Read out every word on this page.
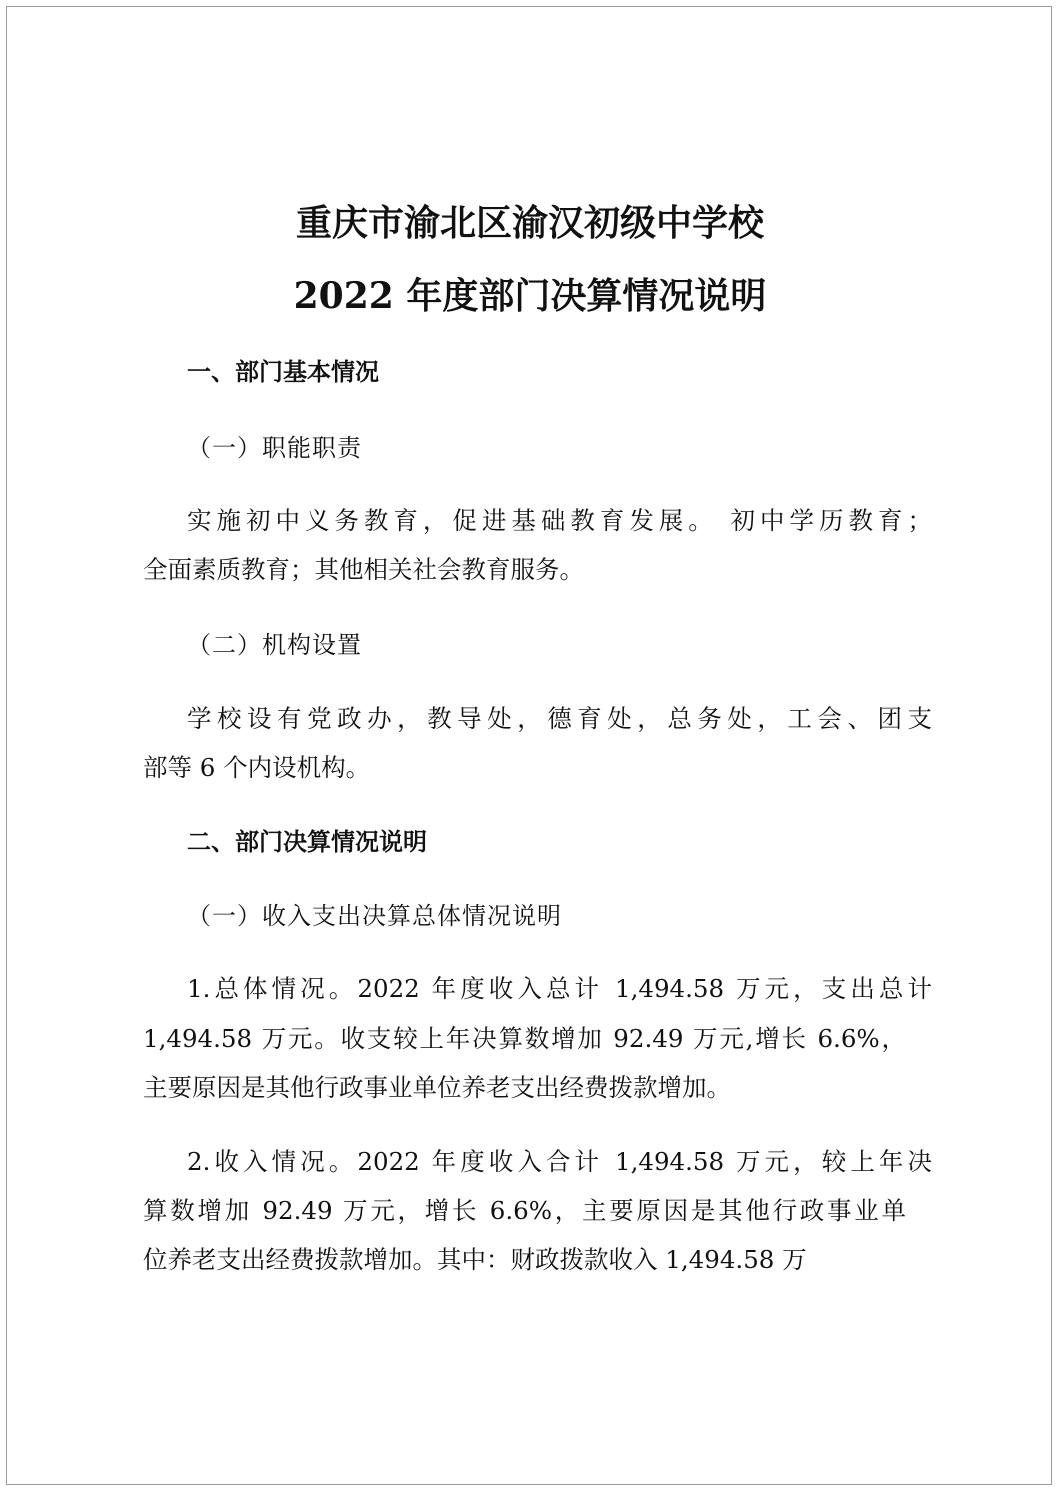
重庆市渝北区渝汉初级中学校
2022 年度部门决算情况说明
一、部门基本情况
（一）职能职责
实施初中义务教育，促进基础教育发展。 初中学历教育；
全面素质教育；其他相关社会教育服务。
（二）机构设置
学校设有党政办，教导处，德育处，总务处，工会、团支
部等 6 个内设机构。
二、部门决算情况说明
（一）收入支出决算总体情况说明
1.总体情况。2022 年度收入总计 1,494.58 万元，支出总计
1,494.58 万元。收支较上年决算数增加 92.49 万元,增长 6.6%，
主要原因是其他行政事业单位养老支出经费拨款增加。
2.收入情况。2022 年度收入合计 1,494.58 万元，较上年决
算数增加 92.49 万元，增长 6.6%，主要原因是其他行政事业单
位养老支出经费拨款增加。其中：财政拨款收入 1,494.58 万
